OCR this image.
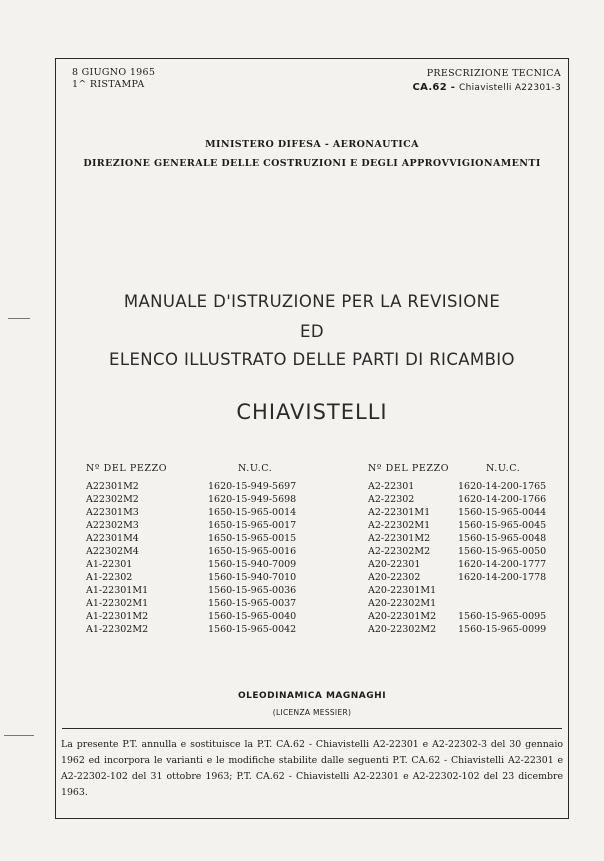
8 GIUGNO 1965
1^ RISTAMPA
PRESCRIZIONE TECNICA
CA.62 - Chiavistelli A22301-3
MINISTERO DIFESA - AERONAUTICA
DIREZIONE GENERALE DELLE COSTRUZIONI E DEGLI APPROVVIGIONAMENTI
MANUALE D'ISTRUZIONE PER LA REVISIONE
ED
ELENCO ILLUSTRATO DELLE PARTI DI RICAMBIO
CHIAVISTELLI
Nº DEL PEZZO	N.U.C.
A22301M2	1620-15-949-5697
A22302M2	1620-15-949-5698
A22301M3	1650-15-965-0014
A22302M3	1650-15-965-0017
A22301M4	1650-15-965-0015
A22302M4	1650-15-965-0016
A1-22301	1560-15-940-7009
A1-22302	1560-15-940-7010
A1-22301M1	1560-15-965-0036
A1-22302M1	1560-15-965-0037
A1-22301M2	1560-15-965-0040
A1-22302M2	1560-15-965-0042
Nº DEL PEZZO	N.U.C.
A2-22301	1620-14-200-1765
A2-22302	1620-14-200-1766
A2-22301M1	1560-15-965-0044
A2-22302M1	1560-15-965-0045
A2-22301M2	1560-15-965-0048
A2-22302M2	1560-15-965-0050
A20-22301	1620-14-200-1777
A20-22302	1620-14-200-1778
A20-22301M1
A20-22302M1
A20-22301M2	1560-15-965-0095
A20-22302M2	1560-15-965-0099
OLEODINAMICA MAGNAGHI
(LICENZA MESSIER)
La presente P.T. annulla e sostituisce la P.T. CA.62 - Chiavistelli A2-22301 e A2-22302-3 del 30 gennaio 1962 ed incorpora le varianti e le modifiche stabilite dalle seguenti P.T. CA.62 - Chiavistelli A2-22301 e A2-22302-102 del 31 ottobre 1963; P.T. CA.62 - Chiavistelli A2-22301 e A2-22302-102 del 23 dicembre 1963.
